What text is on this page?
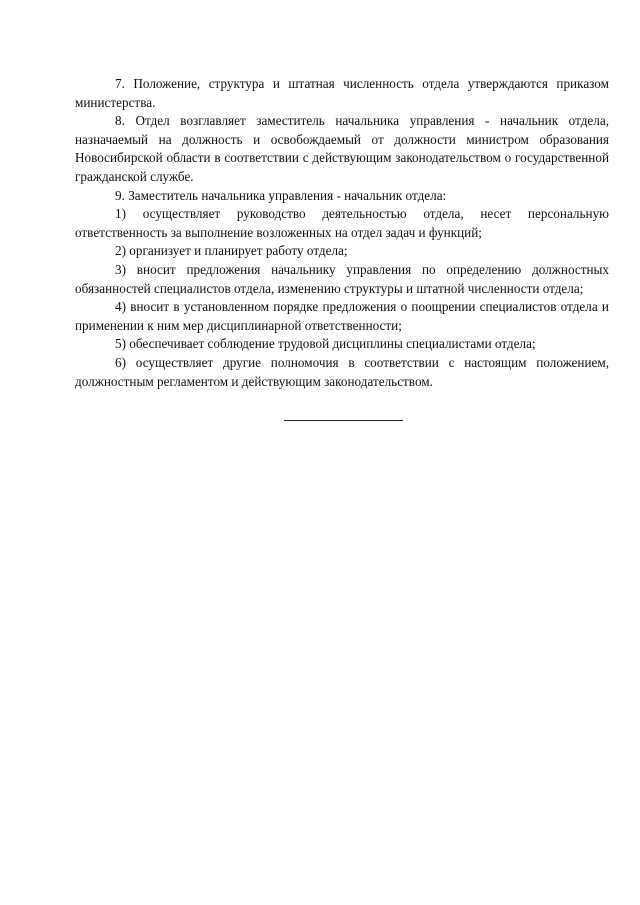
7. Положение, структура и штатная численность отдела утверждаются приказом министерства.

8. Отдел возглавляет заместитель начальника управления - начальник отдела, назначаемый на должность и освобождаемый от должности министром образования Новосибирской области в соответствии с действующим законодательством о государственной гражданской службе.

9. Заместитель начальника управления - начальник отдела:

1) осуществляет руководство деятельностью отдела, несет персональную ответственность за выполнение возложенных на отдел задач и функций;

2) организует и планирует работу отдела;

3) вносит предложения начальнику управления по определению должностных обязанностей специалистов отдела, изменению структуры и штатной численности отдела;

4) вносит в установленном порядке предложения о поощрении специалистов отдела и применении к ним мер дисциплинарной ответственности;

5) обеспечивает соблюдение трудовой дисциплины специалистами отдела;

6) осуществляет другие полномочия в соответствии с настоящим положением, должностным регламентом и действующим законодательством.
